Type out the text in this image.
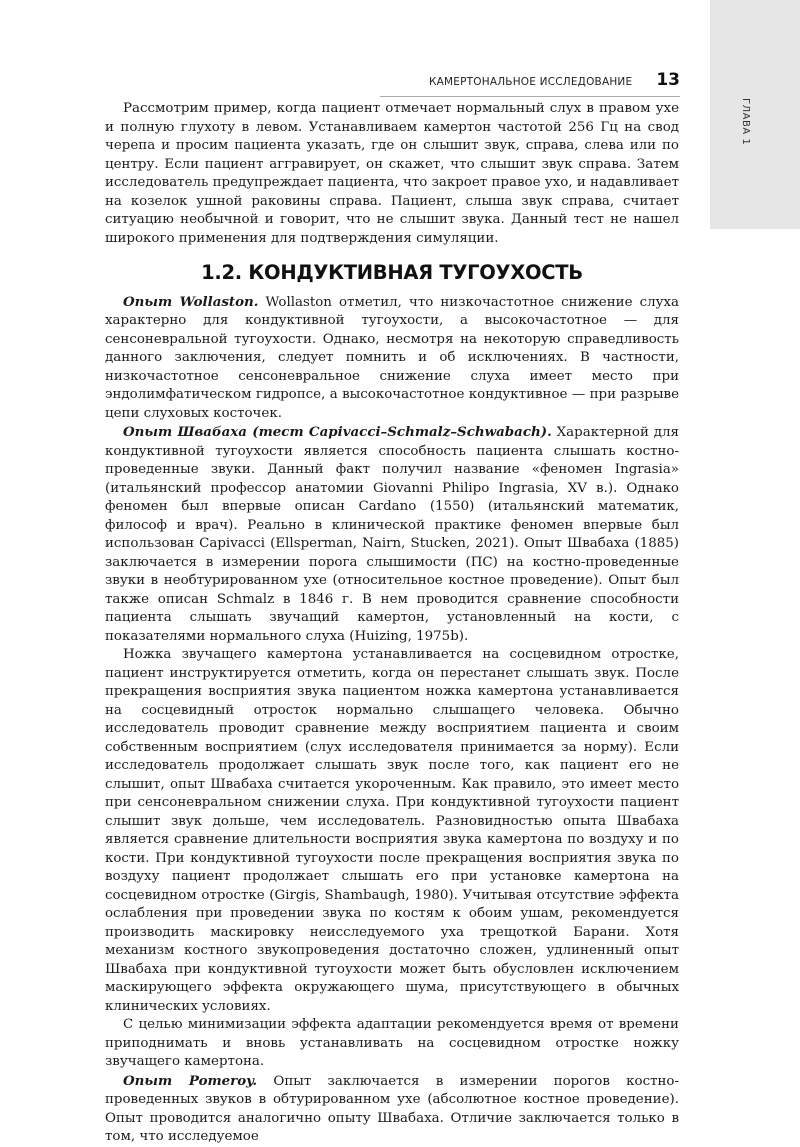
ГЛАВА 1
КАМЕРТОНАЛЬНОЕ ИССЛЕДОВАНИЕ 13

Рассмотрим пример, когда пациент отмечает нормальный слух в правом ухе и полную глухоту в левом. Устанавливаем камертон частотой 256 Гц на свод черепа и просим пациента указать, где он слышит звук, справа, слева или по центру. Если пациент аггравирует, он скажет, что слышит звук справа. Затем исследователь предупреждает пациента, что закроет правое ухо, и надавливает на козелок ушной раковины справа. Пациент, слыша звук справа, считает ситуацию необычной и говорит, что не слышит звука. Данный тест не нашел широкого применения для подтверждения симуляции.

1.2. КОНДУКТИВНАЯ ТУГОУХОСТЬ

Опыт Wollaston. Wollaston отметил, что низкочастотное снижение слуха характерно для кондуктивной тугоухости, а высокочастотное — для сенсоневральной тугоухости. Однако, несмотря на некоторую справедливость данного заключения, следует помнить и об исключениях. В частности, низкочастотное сенсоневральное снижение слуха имеет место при эндолимфатическом гидропсе, а высокочастотное кондуктивное — при разрыве цепи слуховых косточек.

Опыт Швабаха (тест Capivacci–Schmalz–Schwabach). Характерной для кондуктивной тугоухости является способность пациента слышать костно-проведенные звуки. Данный факт получил название «феномен Ingrasia» (итальянский профессор анатомии Giovanni Philipo Ingrasia, XV в.). Однако феномен был впервые описан Cardano (1550) (итальянский математик, философ и врач). Реально в клинической практике феномен впервые был использован Capivacci (Ellsperman, Nairn, Stucken, 2021). Опыт Швабаха (1885) заключается в измерении порога слышимости (ПС) на костно-проведенные звуки в необтурированном ухе (относительное костное проведение). Опыт был также описан Schmalz в 1846 г. В нем проводится сравнение способности пациента слышать звучащий камертон, установленный на кости, с показателями нормального слуха (Huizing, 1975b).

Ножка звучащего камертона устанавливается на сосцевидном отростке, пациент инструктируется отметить, когда он перестанет слышать звук. После прекращения восприятия звука пациентом ножка камертона устанавливается на сосцевидный отросток нормально слышащего человека. Обычно исследователь проводит сравнение между восприятием пациента и своим собственным восприятием (слух исследователя принимается за норму). Если исследователь продолжает слышать звук после того, как пациент его не слышит, опыт Швабаха считается укороченным. Как правило, это имеет место при сенсоневральном снижении слуха. При кондуктивной тугоухости пациент слышит звук дольше, чем исследователь. Разновидностью опыта Швабаха является сравнение длительности восприятия звука камертона по воздуху и по кости. При кондуктивной тугоухости после прекращения восприятия звука по воздуху пациент продолжает слышать его при установке камертона на сосцевидном отростке (Girgis, Shambaugh, 1980). Учитывая отсутствие эффекта ослабления при проведении звука по костям к обоим ушам, рекомендуется производить маскировку неисследуемого уха трещоткой Барани. Хотя механизм костного звукопроведения достаточно сложен, удлиненный опыт Швабаха при кондуктивной тугоухости может быть обусловлен исключением маскирующего эффекта окружающего шума, присутствующего в обычных клинических условиях.

С целью минимизации эффекта адаптации рекомендуется время от времени приподнимать и вновь устанавливать на сосцевидном отростке ножку звучащего камертона.

Опыт Pomeroy. Опыт заключается в измерении порогов костно-проведенных звуков в обтурированном ухе (абсолютное костное проведение). Опыт проводится аналогично опыту Швабаха. Отличие заключается только в том, что исследуемое
